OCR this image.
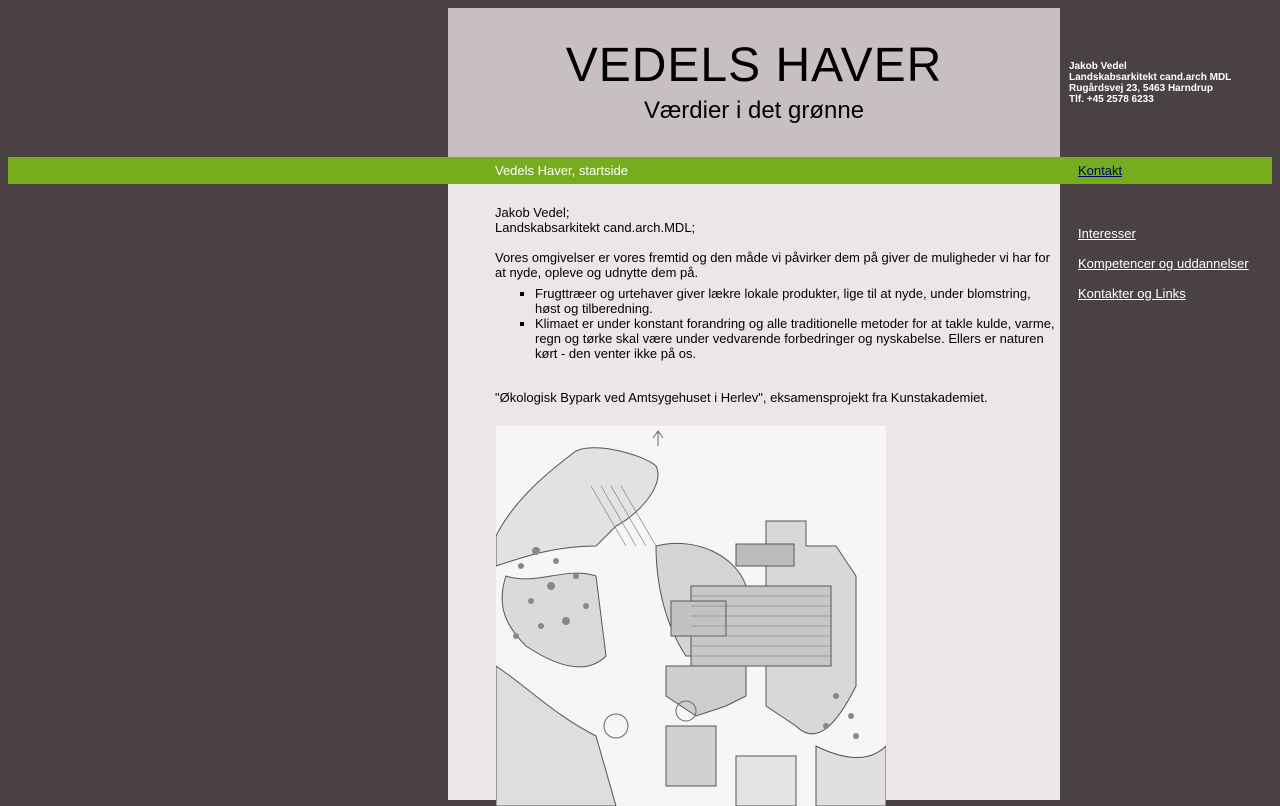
VEDELS HAVER
Værdier i det grønne
Jakob Vedel
Landskabsarkitekt cand.arch MDL
Rugårdsvej 23, 5463 Harndrup
Tlf. +45 2578 6233
Vedels Haver, startside	Kontakt

Jakob Vedel;
Landskabsarkitekt cand.arch.MDL;

Vores omgivelser er vores fremtid og den måde vi påvirker dem på giver de muligheder vi har for at nyde, opleve og udnytte dem på.

▪ Frugttræer og urtehaver giver lækre lokale produkter, lige til at nyde, under blomstring, høst og tilberedning.
▪ Klimaet er under konstant forandring og alle traditionelle metoder for at takle kulde, varme, regn og tørke skal være under vedvarende forbedringer og nyskabelse. Ellers er naturen kørt - den venter ikke på os.

"Økologisk Bypark ved Amtsygehuset i Herlev", eksamensprojekt fra Kunstakademiet.

Interesser
Kompetencer og uddannelser
Kontakter og Links
